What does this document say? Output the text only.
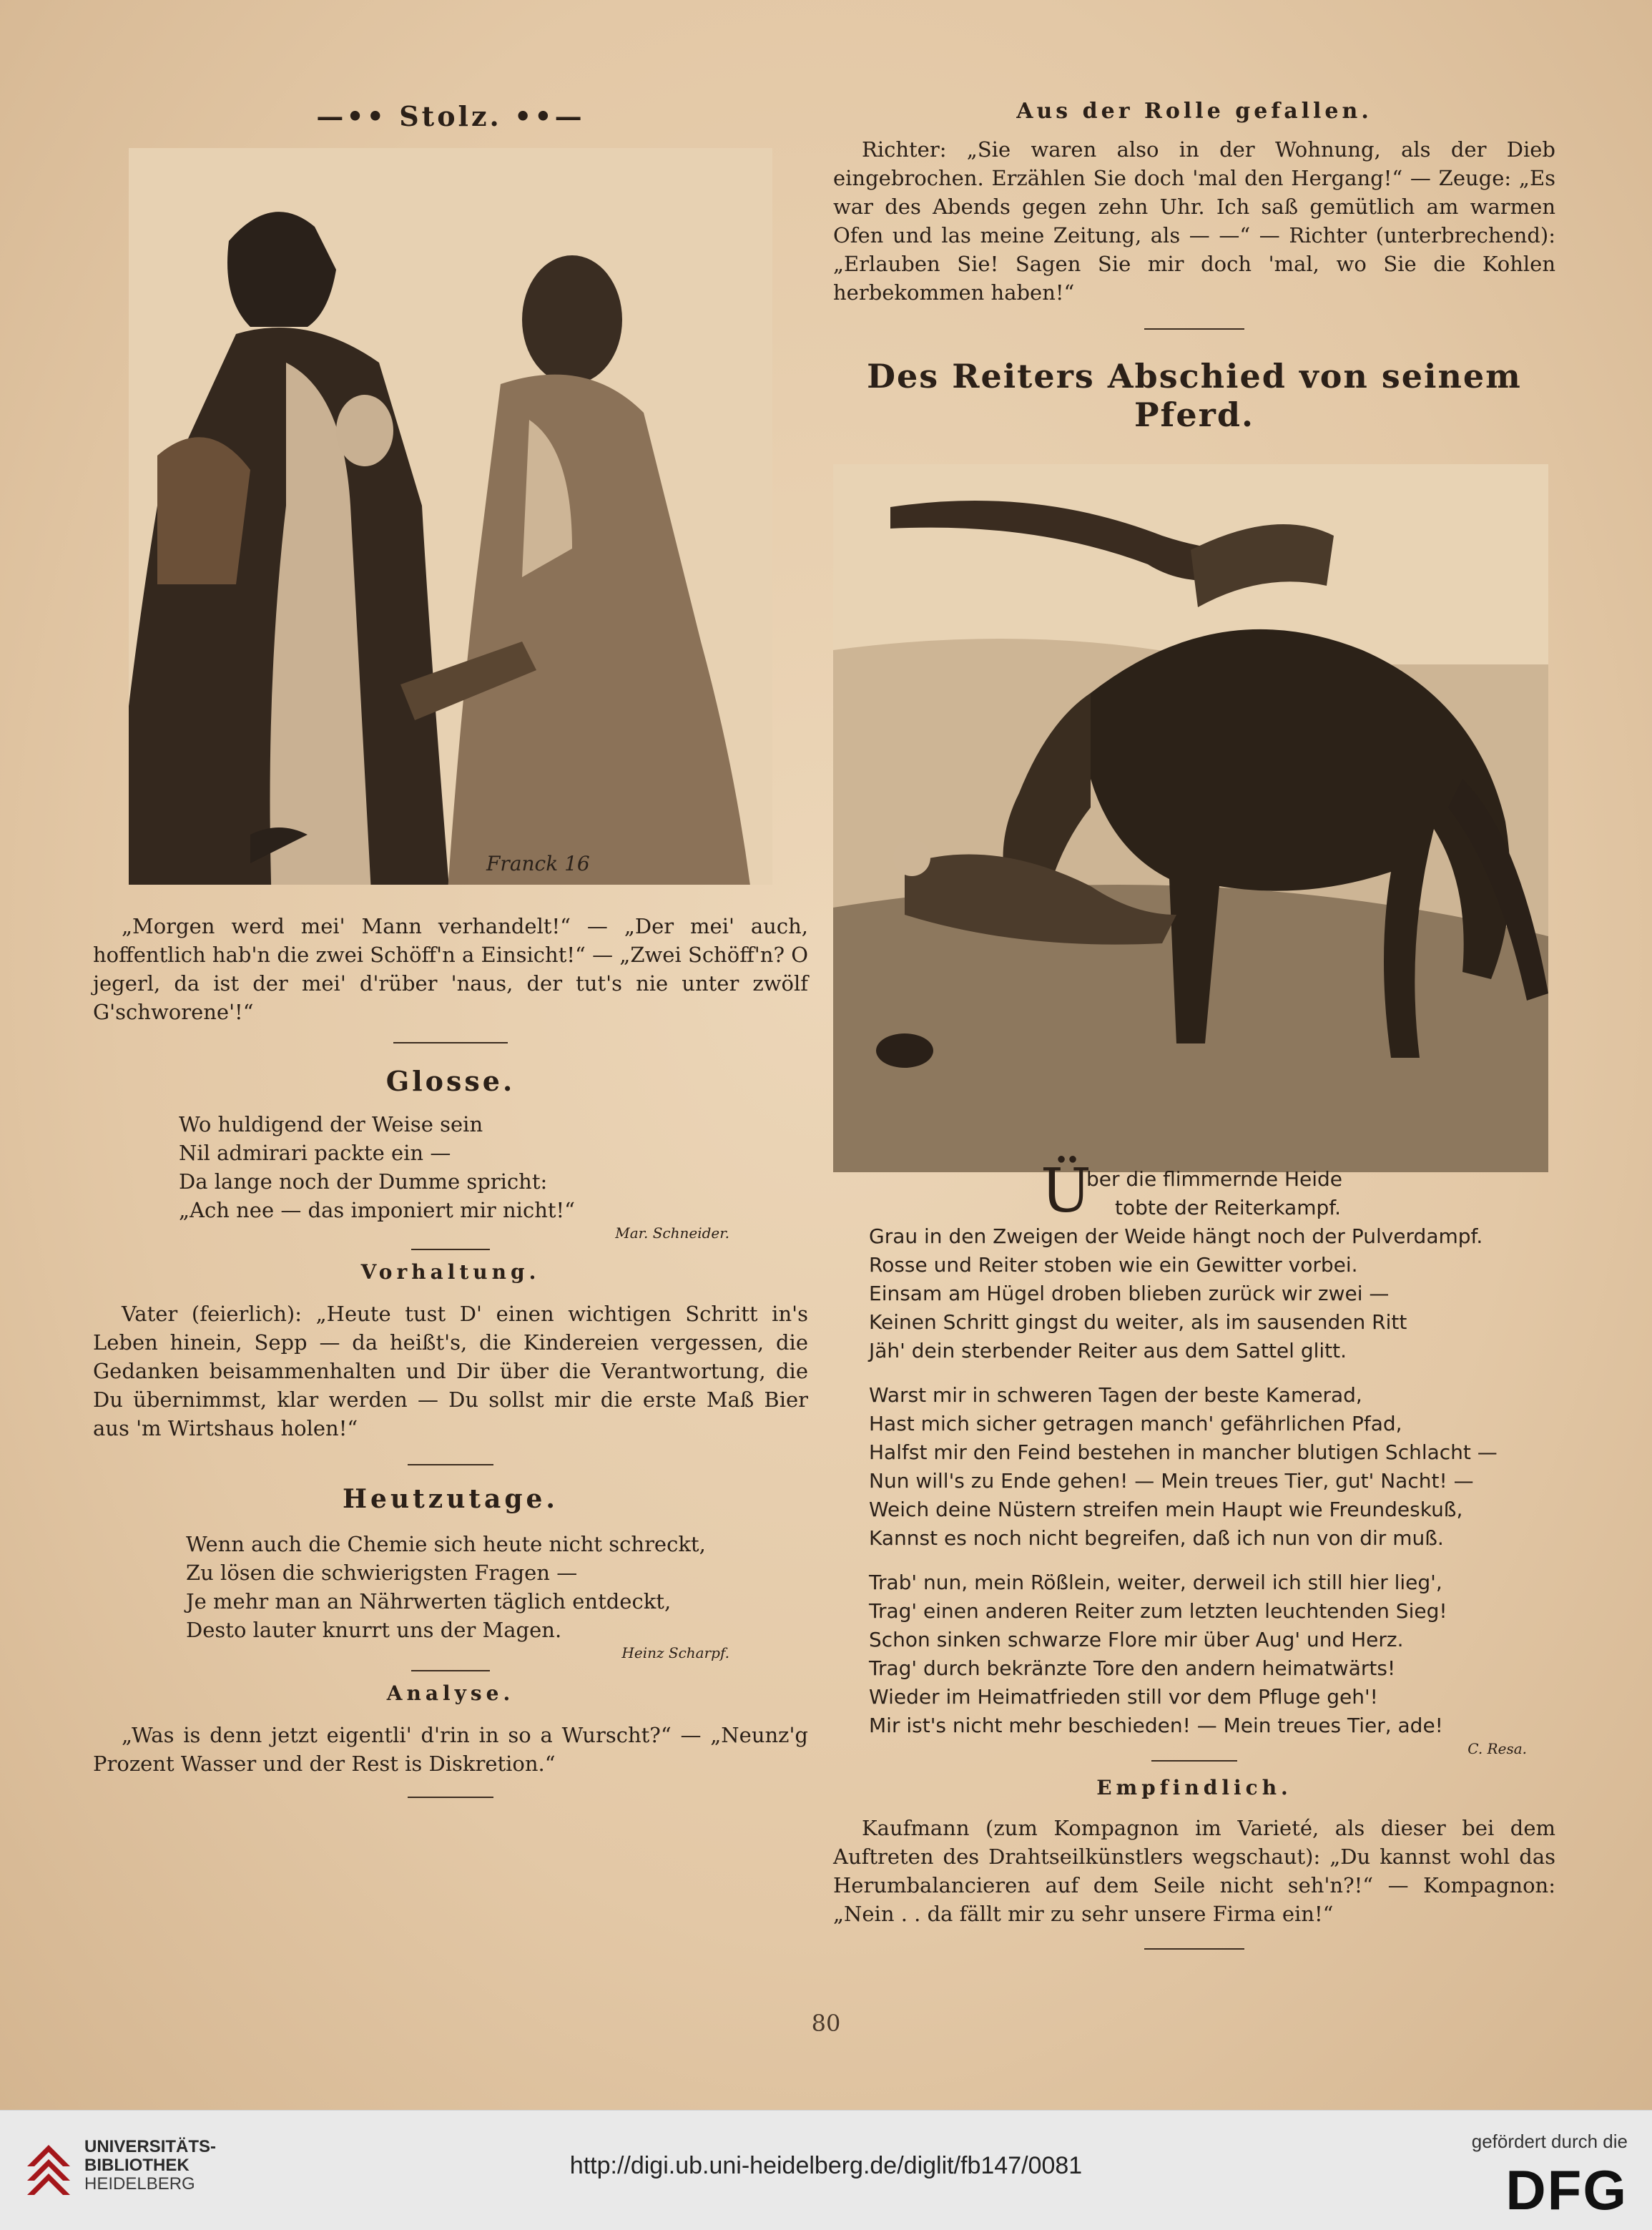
—•• Stolz. ••—
Franck 16

„Morgen werd mei' Mann verhandelt!“ — „Der mei' auch, hoffentlich hab'n die zwei Schöff'n a Einsicht!“ — „Zwei Schöff'n? O jegerl, da ist der mei' d'rüber 'naus, der tut's nie unter zwölf G'schworene'!“

Glosse.
Wo huldigend der Weise sein
Nil admirari packte ein —
Da lange noch der Dumme spricht:
„Ach nee — das imponiert mir nicht!“
Mar. Schneider.
Vorhaltung.

Vater (feierlich): „Heute tust D' einen wichtigen Schritt in's Leben hinein, Sepp — da heißt's, die Kindereien vergessen, die Gedanken beisammenhalten und Dir über die Verantwortung, die Du übernimmst, klar werden — Du sollst mir die erste Maß Bier aus 'm Wirtshaus holen!“

Heutzutage.
Wenn auch die Chemie sich heute nicht schreckt,
Zu lösen die schwierigsten Fragen —
Je mehr man an Nährwerten täglich entdeckt,
Desto lauter knurrt uns der Magen.
Heinz Scharpf.
Analyse.

„Was is denn jetzt eigentli' d'rin in so a Wurscht?“ — „Neunz'g Prozent Wasser und der Rest is Diskretion.“

Aus der Rolle gefallen.

Richter: „Sie waren also in der Wohnung, als der Dieb eingebrochen. Erzählen Sie doch 'mal den Hergang!“ — Zeuge: „Es war des Abends gegen zehn Uhr. Ich saß gemütlich am warmen Ofen und las meine Zeitung, als — —“ — Richter (unterbrechend): „Erlauben Sie! Sagen Sie mir doch 'mal, wo Sie die Kohlen herbekommen haben!“

Des Reiters Abschied von seinem Pferd.
Ü
ber die flimmernde Heide
tobte der Reiterkampf.
Grau in den Zweigen der Weide hängt noch der Pulverdampf.
Rosse und Reiter stoben wie ein Gewitter vorbei.
Einsam am Hügel droben blieben zurück wir zwei —
Keinen Schritt gingst du weiter, als im sausenden Ritt
Jäh' dein sterbender Reiter aus dem Sattel glitt.
Warst mir in schweren Tagen der beste Kamerad,
Hast mich sicher getragen manch' gefährlichen Pfad,
Halfst mir den Feind bestehen in mancher blutigen Schlacht —
Nun will's zu Ende gehen! — Mein treues Tier, gut' Nacht! —
Weich deine Nüstern streifen mein Haupt wie Freundeskuß,
Kannst es noch nicht begreifen, daß ich nun von dir muß.
Trab' nun, mein Rößlein, weiter, derweil ich still hier lieg',
Trag' einen anderen Reiter zum letzten leuchtenden Sieg!
Schon sinken schwarze Flore mir über Aug' und Herz.
Trag' durch bekränzte Tore den andern heimatwärts!
Wieder im Heimatfrieden still vor dem Pfluge geh'!
Mir ist's nicht mehr beschieden! — Mein treues Tier, ade!
C. Resa.
Empfindlich.

Kaufmann (zum Kompagnon im Varieté, als dieser bei dem Auftreten des Drahtseilkünstlers wegschaut): „Du kannst wohl das Herumbalancieren auf dem Seile nicht seh'n?!“ — Kompagnon: „Nein . . da fällt mir zu sehr unsere Firma ein!“

80
UNIVERSITÄTS-
BIBLIOTHEK
HEIDELBERG
http://digi.ub.uni-heidelberg.de/diglit/fb147/0081
gefördert durch die
DFG
